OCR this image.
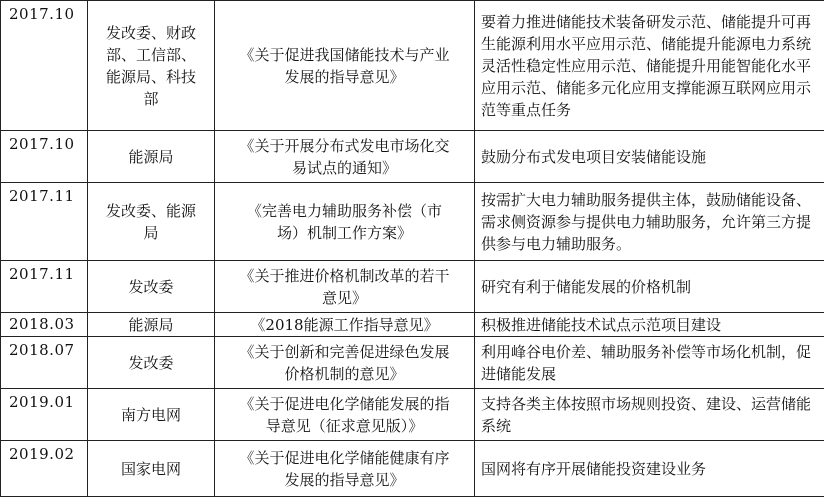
2017.10	发改委、财政部、工信部、能源局、科技部	《关于促进我国储能技术与产业发展的指导意见》	要着力推进储能技术装备研发示范、储能提升可再生能源利用水平应用示范、储能提升能源电力系统灵活性稳定性应用示范、储能提升用能智能化水平应用示范、储能多元化应用支撑能源互联网应用示范等重点任务
2017.10	能源局	《关于开展分布式发电市场化交易试点的通知》	鼓励分布式发电项目安装储能设施
2017.11	发改委、能源局	《完善电力辅助服务补偿（市场）机制工作方案》	按需扩大电力辅助服务提供主体，鼓励储能设备、需求侧资源参与提供电力辅助服务，允许第三方提供参与电力辅助服务。
2017.11	发改委	《关于推进价格机制改革的若干意见》	研究有利于储能发展的价格机制
2018.03	能源局	《2018能源工作指导意见》	积极推进储能技术试点示范项目建设
2018.07	发改委	《关于创新和完善促进绿色发展价格机制的意见》	利用峰谷电价差、辅助服务补偿等市场化机制，促进储能发展
2019.01	南方电网	《关于促进电化学储能发展的指导意见（征求意见版）》	支持各类主体按照市场规则投资、建设、运营储能系统
2019.02	国家电网	《关于促进电化学储能健康有序发展的指导意见》	国网将有序开展储能投资建设业务
